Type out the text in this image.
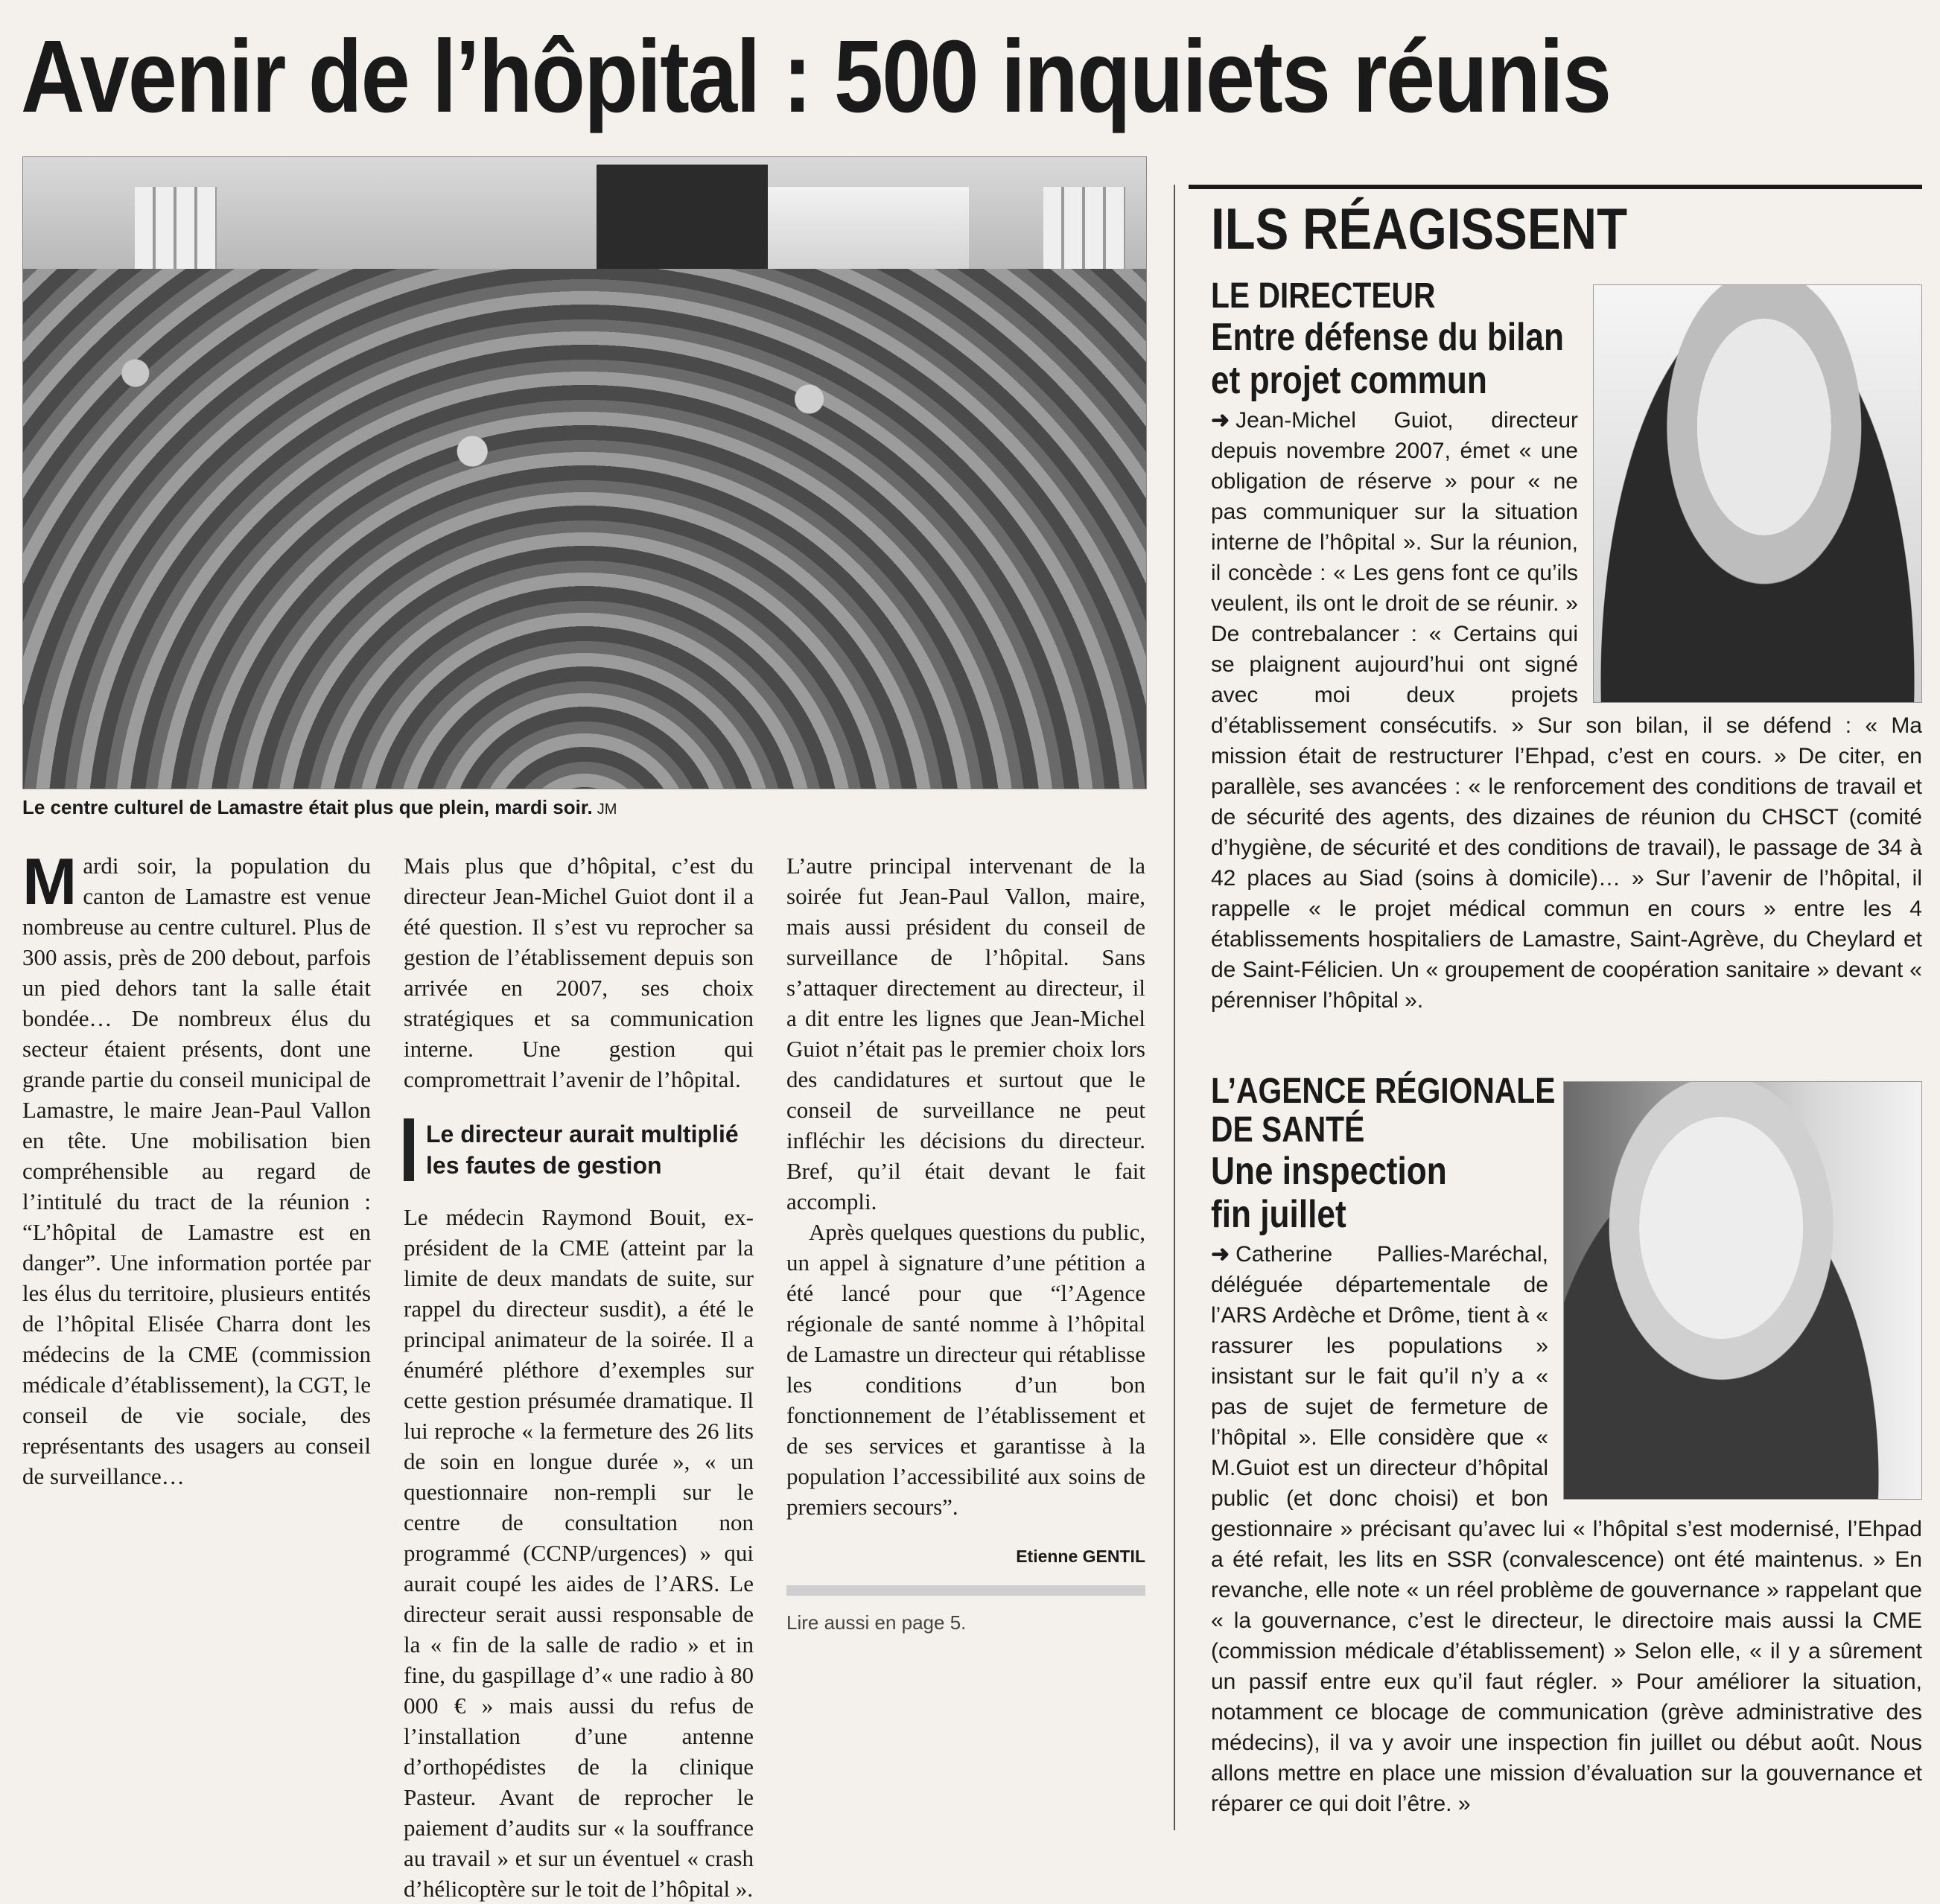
Avenir de l’hôpital : 500 inquiets réunis
Le centre culturel de Lamastre était plus que plein, mardi soir. JM

Mardi soir, la population du canton de Lamastre est venue nombreuse au centre culturel. Plus de 300 assis, près de 200 debout, parfois un pied dehors tant la salle était bondée… De nombreux élus du secteur étaient présents, dont une grande partie du conseil municipal de Lamastre, le maire Jean-Paul Vallon en tête. Une mobilisation bien compréhensible au regard de l’intitulé du tract de la réunion : “L’hôpital de Lamastre est en danger”. Une information portée par les élus du territoire, plusieurs entités de l’hôpital Elisée Charra dont les médecins de la CME (commission médicale d’établissement), la CGT, le conseil de vie sociale, des représentants des usagers au conseil de surveillance…

Mais plus que d’hôpital, c’est du directeur Jean-Michel Guiot dont il a été question. Il s’est vu reprocher sa gestion de l’établissement depuis son arrivée en 2007, ses choix stratégiques et sa communication interne. Une gestion qui compromettrait l’avenir de l’hôpital.

Le directeur aurait multiplié les fautes de gestion

Le médecin Raymond Bouit, ex-président de la CME (atteint par la limite de deux mandats de suite, sur rappel du directeur susdit), a été le principal animateur de la soirée. Il a énuméré pléthore d’exemples sur cette gestion présumée dramatique. Il lui reproche « la fermeture des 26 lits de soin en longue durée », « un questionnaire non-rempli sur le centre de consultation non programmé (CCNP/urgences) » qui aurait coupé les aides de l’ARS. Le directeur serait aussi responsable de la « fin de la salle de radio » et in fine, du gaspillage d’« une radio à 80 000 € » mais aussi du refus de l’installation d’une antenne d’orthopédistes de la clinique Pasteur. Avant de reprocher le paiement d’audits sur « la souffrance au travail » et sur un éventuel « crash d’hélicoptère sur le toit de l’hôpital ».

L’autre principal intervenant de la soirée fut Jean-Paul Vallon, maire, mais aussi président du conseil de surveillance de l’hôpital. Sans s’attaquer directement au directeur, il a dit entre les lignes que Jean-Michel Guiot n’était pas le premier choix lors des candidatures et surtout que le conseil de surveillance ne peut infléchir les décisions du directeur. Bref, qu’il était devant le fait accompli.

Après quelques questions du public, un appel à signature d’une pétition a été lancé pour que “l’Agence régionale de santé nomme à l’hôpital de Lamastre un directeur qui rétablisse les conditions d’un bon fonctionnement de l’établissement et de ses services et garantisse à la population l’accessibilité aux soins de premiers secours”.

Etienne GENTIL
Lire aussi en page 5.
ILS RÉAGISSENT

LE DIRECTEUR

Entre défense du bilan

et projet commun

➜ Jean-Michel Guiot, directeur depuis novembre 2007, émet « une obligation de réserve » pour « ne pas communiquer sur la situation interne de l’hôpital ». Sur la réunion, il concède : « Les gens font ce qu’ils veulent, ils ont le droit de se réunir. » De contrebalancer : « Certains qui se plaignent aujourd’hui ont signé avec moi deux projets d’établissement consécutifs. » Sur son bilan, il se défend : « Ma mission était de restructurer l’Ehpad, c’est en cours. » De citer, en parallèle, ses avancées : « le renforcement des conditions de travail et de sécurité des agents, des dizaines de réunion du CHSCT (comité d’hygiène, de sécurité et des conditions de travail), le passage de 34 à 42 places au Siad (soins à domicile)… » Sur l’avenir de l’hôpital, il rappelle « le projet médical commun en cours » entre les 4 établissements hospitaliers de Lamastre, Saint-Agrève, du Cheylard et de Saint-Félicien. Un « groupement de coopération sanitaire » devant « pérenniser l’hôpital ».

L’AGENCE RÉGIONALE

DE SANTÉ

Une inspection

fin juillet

➜ Catherine Pallies-Maréchal, déléguée départementale de l’ARS Ardèche et Drôme, tient à « rassurer les populations » insistant sur le fait qu’il n’y a « pas de sujet de fermeture de l’hôpital ». Elle considère que « M.Guiot est un directeur d’hôpital public (et donc choisi) et bon gestionnaire » précisant qu’avec lui « l’hôpital s’est modernisé, l’Ehpad a été refait, les lits en SSR (convalescence) ont été maintenus. » En revanche, elle note « un réel problème de gouvernance » rappelant que « la gouvernance, c’est le directeur, le directoire mais aussi la CME (commission médicale d’établissement) » Selon elle, « il y a sûrement un passif entre eux qu’il faut régler. » Pour améliorer la situation, notamment ce blocage de communication (grève administrative des médecins), il va y avoir une inspection fin juillet ou début août. Nous allons mettre en place une mission d’évaluation sur la gouvernance et réparer ce qui doit l’être. »
